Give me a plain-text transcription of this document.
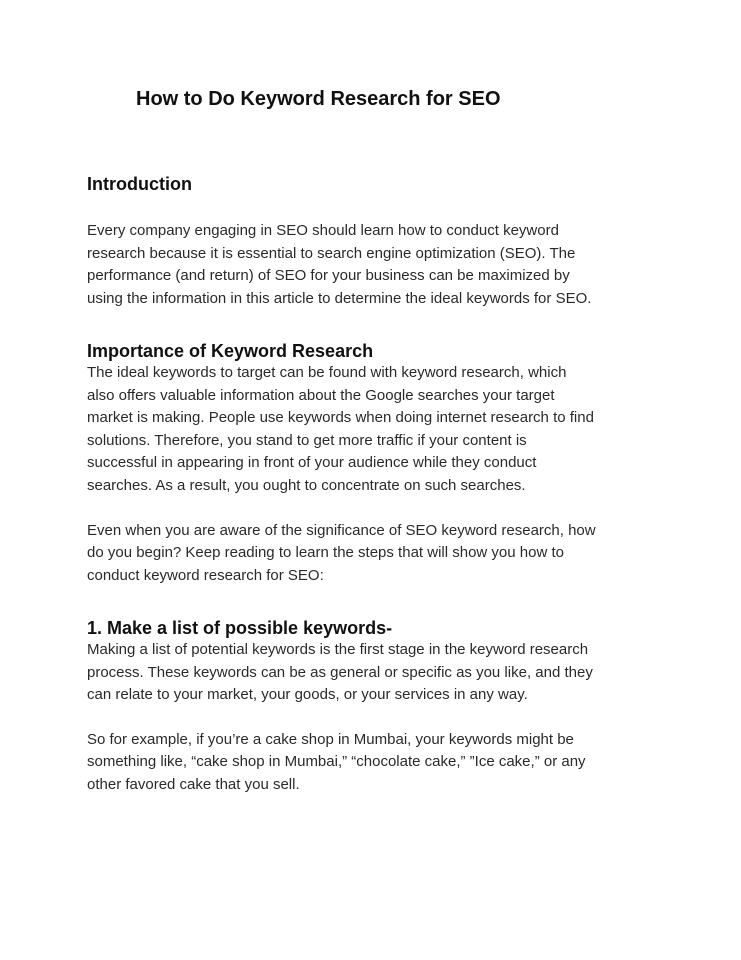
How to Do Keyword Research for SEO
Introduction

Every company engaging in SEO should learn how to conduct keyword
research because it is essential to search engine optimization (SEO). The
performance (and return) of SEO for your business can be maximized by
using the information in this article to determine the ideal keywords for SEO.

Importance of Keyword Research

The ideal keywords to target can be found with keyword research, which
also offers valuable information about the Google searches your target
market is making. People use keywords when doing internet research to find
solutions. Therefore, you stand to get more traffic if your content is
successful in appearing in front of your audience while they conduct
searches. As a result, you ought to concentrate on such searches.

Even when you are aware of the significance of SEO keyword research, how
do you begin? Keep reading to learn the steps that will show you how to
conduct keyword research for SEO:

1. Make a list of possible keywords-

Making a list of potential keywords is the first stage in the keyword research
process. These keywords can be as general or specific as you like, and they
can relate to your market, your goods, or your services in any way.

So for example, if you’re a cake shop in Mumbai, your keywords might be
something like, “cake shop in Mumbai,” “chocolate cake,” ”Ice cake,” or any
other favored cake that you sell.
